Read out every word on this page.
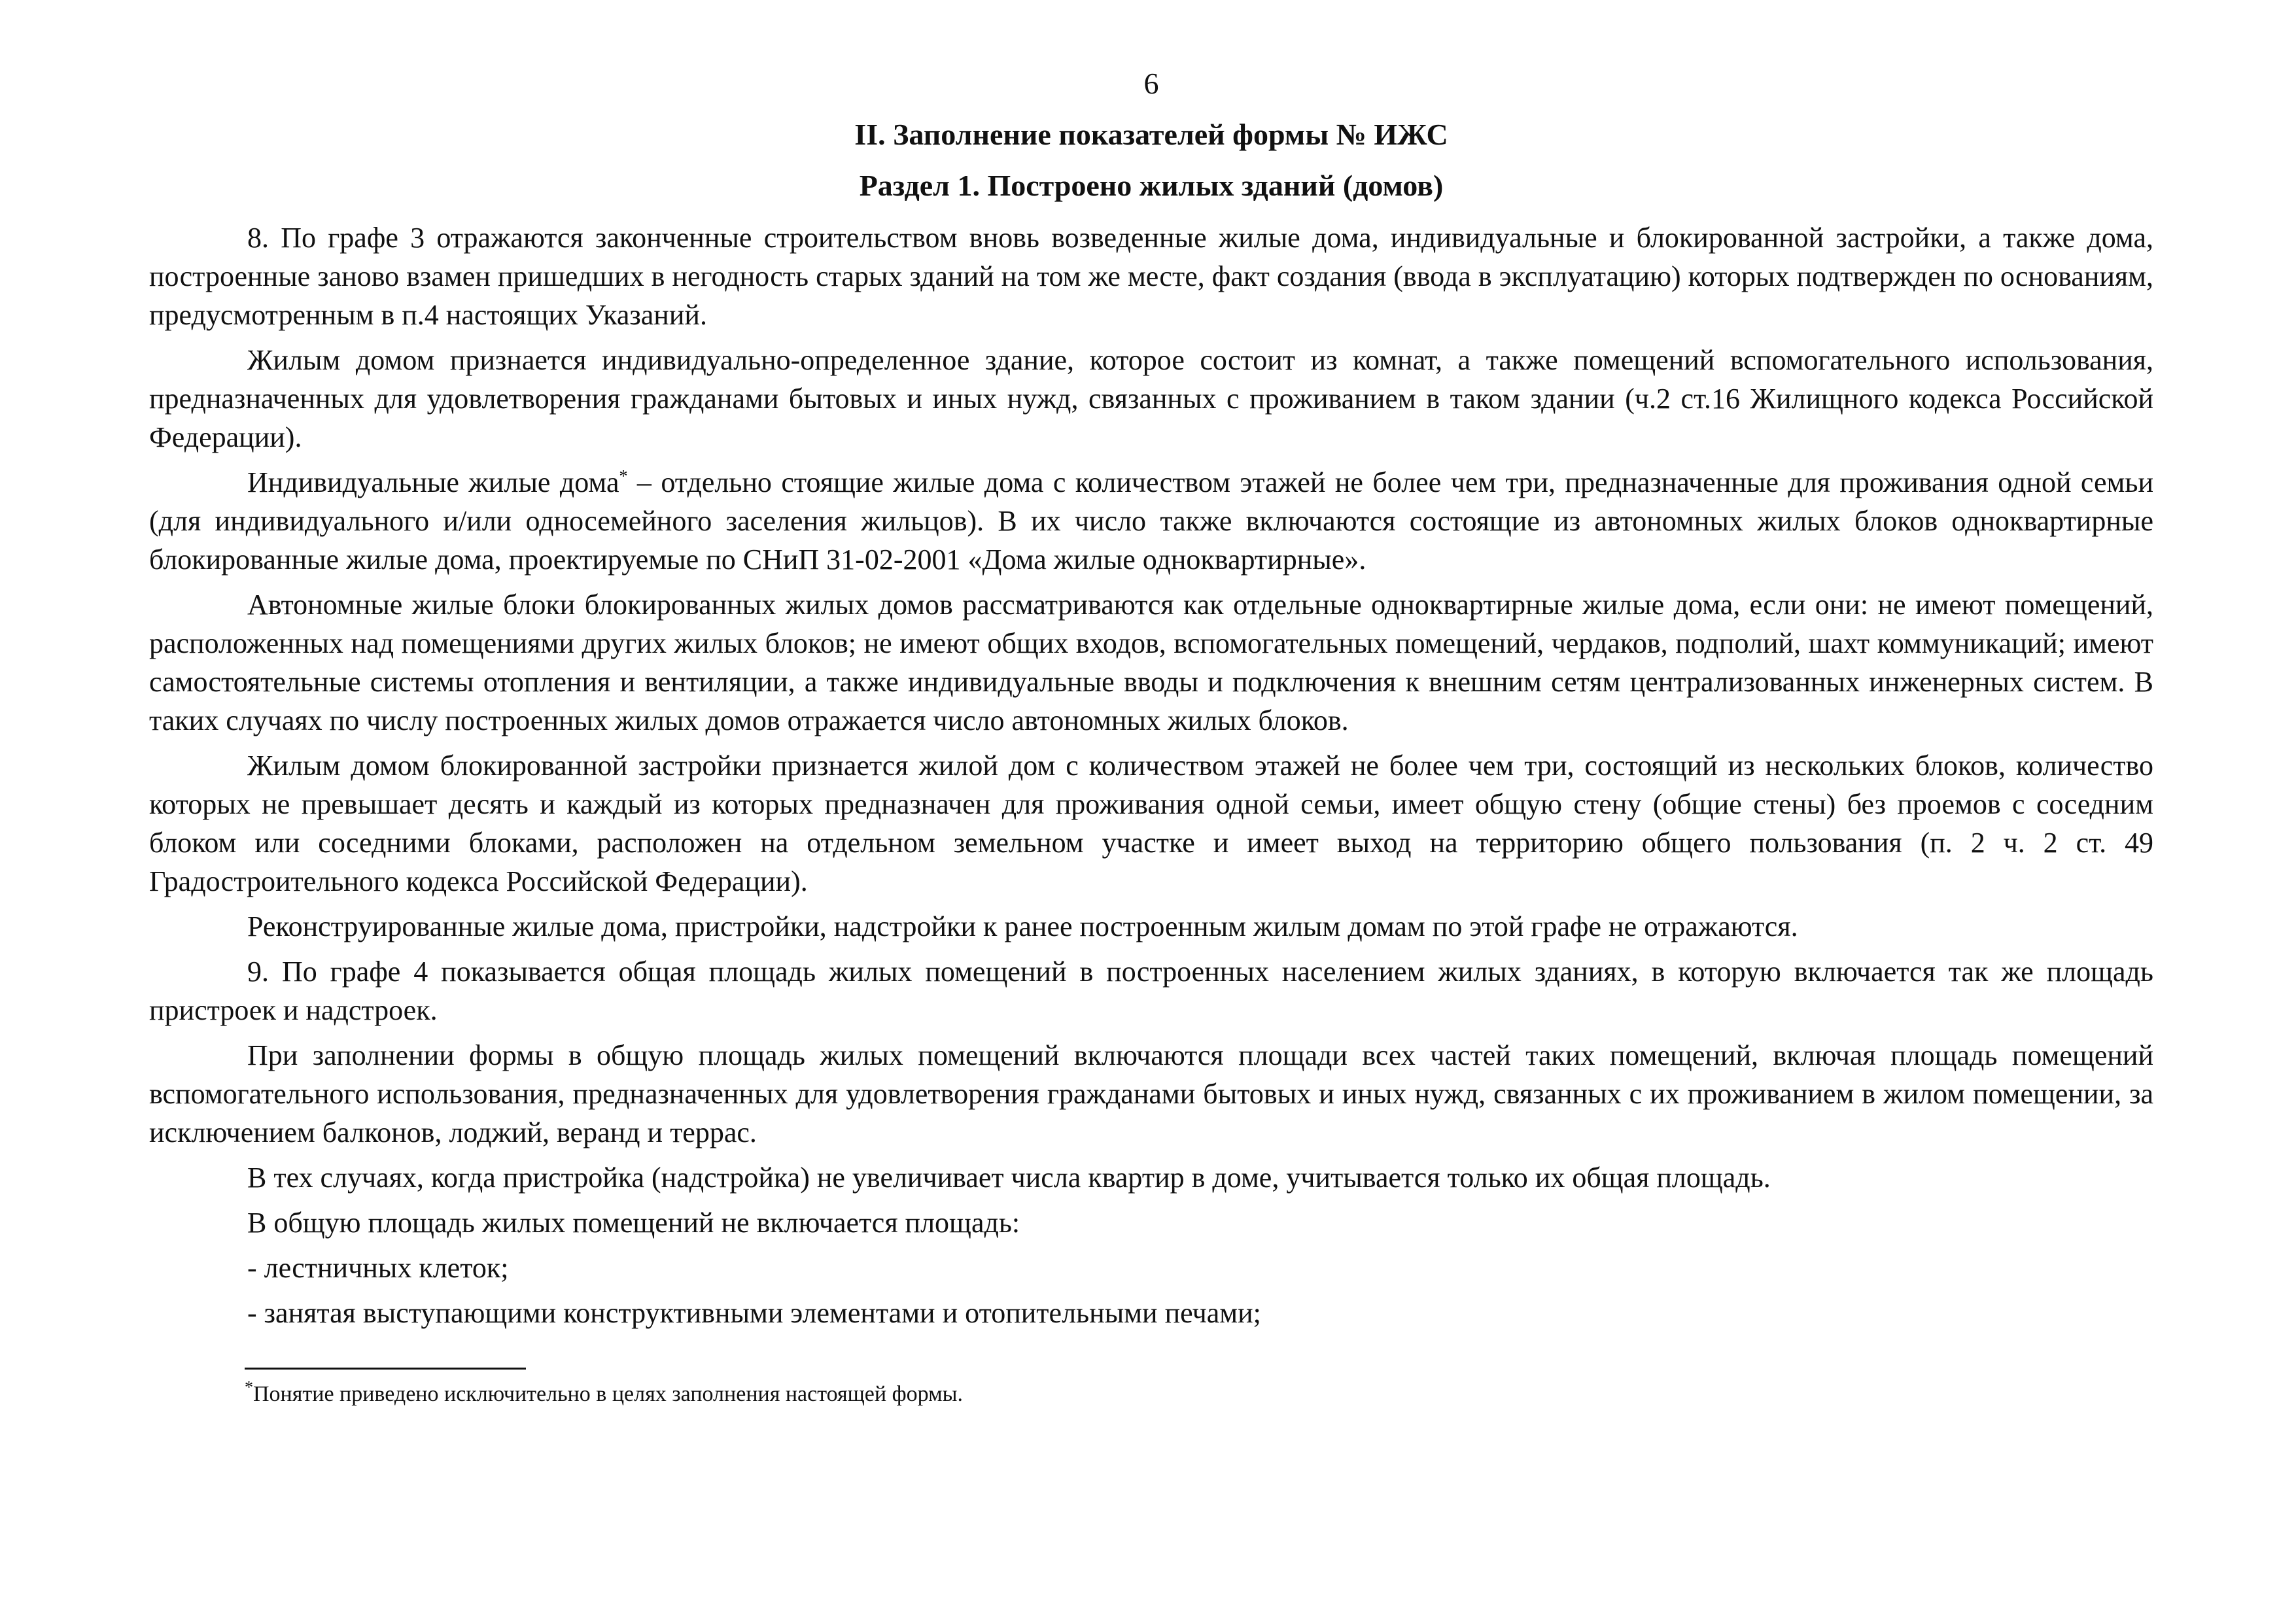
6
II. Заполнение показателей формы № ИЖС
Раздел 1. Построено жилых зданий (домов)

8. По графе 3 отражаются законченные строительством вновь возведенные жилые дома, индивидуальные и блокированной застройки, а также дома, построенные заново взамен пришедших в негодность старых зданий на том же месте, факт создания (ввода в эксплуатацию) которых подтвержден по основаниям, предусмотренным в п.4 настоящих Указаний.

Жилым домом признается индивидуально-определенное здание, которое состоит из комнат, а также помещений вспомогательного использования, предназначенных для удовлетворения гражданами бытовых и иных нужд, связанных с проживанием в таком здании (ч.2 ст.16 Жилищного кодекса Российской Федерации).

Индивидуальные жилые дома* – отдельно стоящие жилые дома с количеством этажей не более чем три, предназначенные для проживания одной семьи (для индивидуального и/или односемейного заселения жильцов). В их число также включаются состоящие из автономных жилых блоков одноквартирные блокированные жилые дома, проектируемые по СНиП 31-02-2001 «Дома жилые одноквартирные».

Автономные жилые блоки блокированных жилых домов рассматриваются как отдельные одноквартирные жилые дома, если они: не имеют помещений, расположенных над помещениями других жилых блоков; не имеют общих входов, вспомогательных помещений, чердаков, подполий, шахт коммуникаций; имеют самостоятельные системы отопления и вентиляции, а также индивидуальные вводы и подключения к внешним сетям централизованных инженерных систем. В таких случаях по числу построенных жилых домов отражается число автономных жилых блоков.

Жилым домом блокированной застройки признается жилой дом с количеством этажей не более чем три, состоящий из нескольких блоков, количество которых не превышает десять и каждый из которых предназначен для проживания одной семьи, имеет общую стену (общие стены) без проемов с соседним блоком или соседними блоками, расположен на отдельном земельном участке и имеет выход на территорию общего пользования (п. 2 ч. 2 ст. 49 Градостроительного кодекса Российской Федерации).

Реконструированные жилые дома, пристройки, надстройки к ранее построенным жилым домам по этой графе не отражаются.

9. По графе 4 показывается общая площадь жилых помещений в построенных населением жилых зданиях, в которую включается так же площадь пристроек и надстроек.

При заполнении формы в общую площадь жилых помещений включаются площади всех частей таких помещений, включая площадь помещений вспомогательного использования, предназначенных для удовлетворения гражданами бытовых и иных нужд, связанных с их проживанием в жилом помещении, за исключением балконов, лоджий, веранд и террас.

В тех случаях, когда пристройка (надстройка) не увеличивает числа квартир в доме, учитывается только их общая площадь.

В общую площадь жилых помещений не включается площадь:

- лестничных клеток;

- занятая выступающими конструктивными элементами и отопительными печами;

*Понятие приведено исключительно в целях заполнения настоящей формы.
